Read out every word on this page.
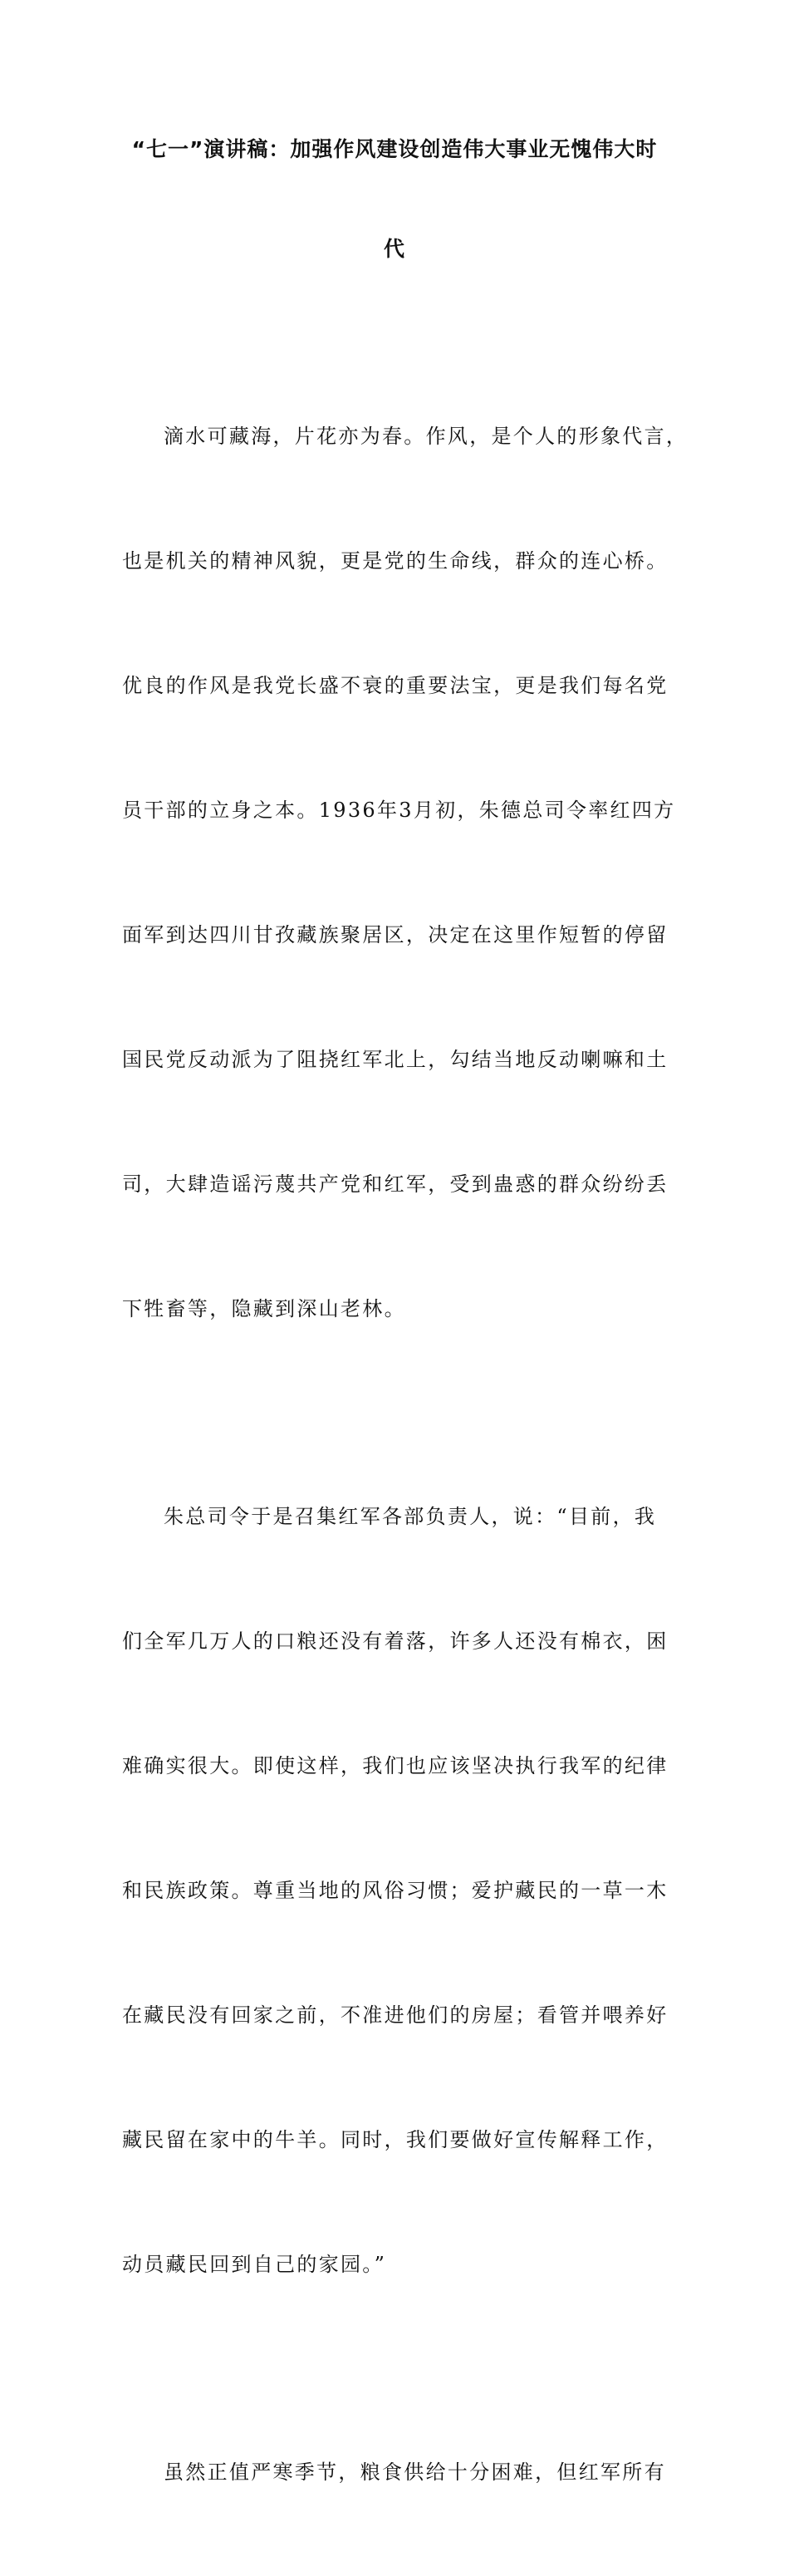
“七一”演讲稿：加强作风建设创造伟大事业无愧伟大时
代

滴水可藏海，片花亦为春。作风，是个人的形象代言，

也是机关的精神风貌，更是党的生命线，群众的连心桥。

优良的作风是我党长盛不衰的重要法宝，更是我们每名党

员干部的立身之本。1936年3月初，朱德总司令率红四方

面军到达四川甘孜藏族聚居区，决定在这里作短暂的停留

国民党反动派为了阻挠红军北上，勾结当地反动喇嘛和土

司，大肆造谣污蔑共产党和红军，受到蛊惑的群众纷纷丢

下牲畜等，隐藏到深山老林。

朱总司令于是召集红军各部负责人，说：“目前，我

们全军几万人的口粮还没有着落，许多人还没有棉衣，困

难确实很大。即使这样，我们也应该坚决执行我军的纪律

和民族政策。尊重当地的风俗习惯；爱护藏民的一草一木

在藏民没有回家之前，不准进他们的房屋；看管并喂养好

藏民留在家中的牛羊。同时，我们要做好宣传解释工作，

动员藏民回到自己的家园。”

虽然正值严寒季节，粮食供给十分困难，但红军所有
